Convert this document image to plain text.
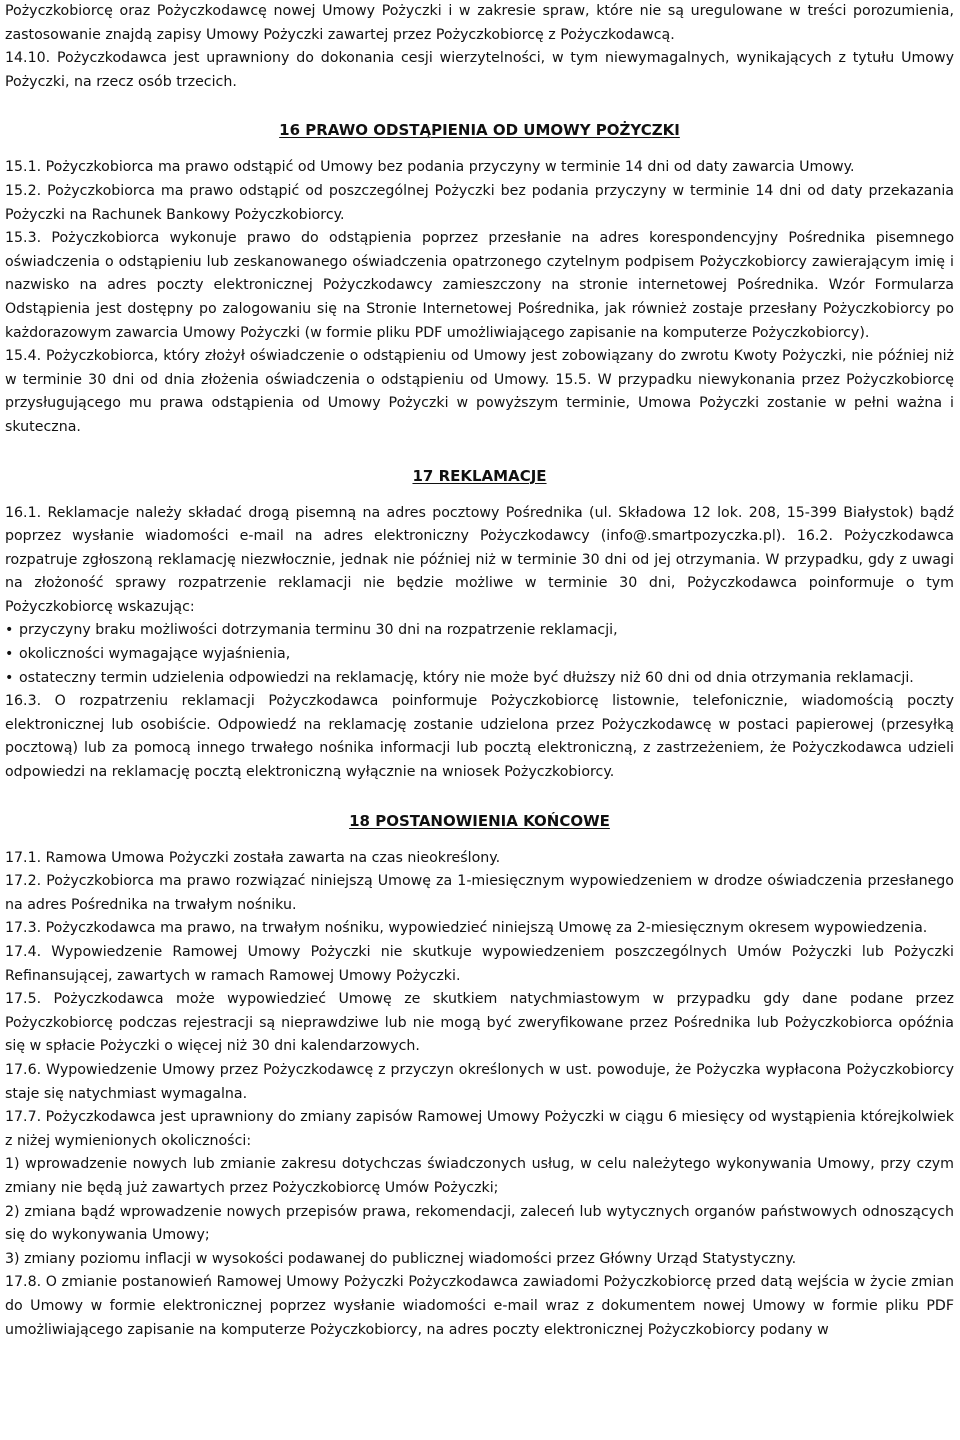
Pożyczkobiorcę oraz Pożyczkodawcę nowej Umowy Pożyczki i w zakresie spraw, które nie są uregulowane w treści porozumienia, zastosowanie znajdą zapisy Umowy Pożyczki zawartej przez Pożyczkobiorcę z Pożyczkodawcą.

14.10. Pożyczkodawca jest uprawniony do dokonania cesji wierzytelności, w tym niewymagalnych, wynikających z tytułu Umowy Pożyczki, na rzecz osób trzecich.

16 PRAWO ODSTĄPIENIA OD UMOWY POŻYCZKI

15.1. Pożyczkobiorca ma prawo odstąpić od Umowy bez podania przyczyny w terminie 14 dni od daty zawarcia Umowy.

15.2. Pożyczkobiorca ma prawo odstąpić od poszczególnej Pożyczki bez podania przyczyny w terminie 14 dni od daty przekazania Pożyczki na Rachunek Bankowy Pożyczkobiorcy.

15.3. Pożyczkobiorca wykonuje prawo do odstąpienia poprzez przesłanie na adres korespondencyjny Pośrednika pisemnego oświadczenia o odstąpieniu lub zeskanowanego oświadczenia opatrzonego czytelnym podpisem Pożyczkobiorcy zawierającym imię i nazwisko na adres poczty elektronicznej Pożyczkodawcy zamieszczony na stronie internetowej Pośrednika. Wzór Formularza Odstąpienia jest dostępny po zalogowaniu się na Stronie Internetowej Pośrednika, jak również zostaje przesłany Pożyczkobiorcy po każdorazowym zawarcia Umowy Pożyczki (w formie pliku PDF umożliwiającego zapisanie na komputerze Pożyczkobiorcy).

15.4. Pożyczkobiorca, który złożył oświadczenie o odstąpieniu od Umowy jest zobowiązany do zwrotu Kwoty Pożyczki, nie później niż w terminie 30 dni od dnia złożenia oświadczenia o odstąpieniu od Umowy. 15.5. W przypadku niewykonania przez Pożyczkobiorcę przysługującego mu prawa odstąpienia od Umowy Pożyczki w powyższym terminie, Umowa Pożyczki zostanie w pełni ważna i skuteczna.

17 REKLAMACJE

16.1. Reklamacje należy składać drogą pisemną na adres pocztowy Pośrednika (ul. Składowa 12 lok. 208, 15-399 Białystok) bądź poprzez wysłanie wiadomości e-mail na adres elektroniczny Pożyczkodawcy (info@.smartpozyczka.pl). 16.2. Pożyczkodawca rozpatruje zgłoszoną reklamację niezwłocznie, jednak nie później niż w terminie 30 dni od jej otrzymania. W przypadku, gdy z uwagi na złożoność sprawy rozpatrzenie reklamacji nie będzie możliwe w terminie 30 dni, Pożyczkodawca poinformuje o tym Pożyczkobiorcę wskazując:

• przyczyny braku możliwości dotrzymania terminu 30 dni na rozpatrzenie reklamacji,

• okoliczności wymagające wyjaśnienia,

• ostateczny termin udzielenia odpowiedzi na reklamację, który nie może być dłuższy niż 60 dni od dnia otrzymania reklamacji.

16.3. O rozpatrzeniu reklamacji Pożyczkodawca poinformuje Pożyczkobiorcę listownie, telefonicznie, wiadomością poczty elektronicznej lub osobiście. Odpowiedź na reklamację zostanie udzielona przez Pożyczkodawcę w postaci papierowej (przesyłką pocztową) lub za pomocą innego trwałego nośnika informacji lub pocztą elektroniczną, z zastrzeżeniem, że Pożyczkodawca udzieli odpowiedzi na reklamację pocztą elektroniczną wyłącznie na wniosek Pożyczkobiorcy.

18 POSTANOWIENIA KOŃCOWE

17.1. Ramowa Umowa Pożyczki została zawarta na czas nieokreślony.

17.2. Pożyczkobiorca ma prawo rozwiązać niniejszą Umowę za 1-miesięcznym wypowiedzeniem w drodze oświadczenia przesłanego na adres Pośrednika na trwałym nośniku.

17.3. Pożyczkodawca ma prawo, na trwałym nośniku, wypowiedzieć niniejszą Umowę za 2-miesięcznym okresem wypowiedzenia.

17.4. Wypowiedzenie Ramowej Umowy Pożyczki nie skutkuje wypowiedzeniem poszczególnych Umów Pożyczki lub Pożyczki Refinansującej, zawartych w ramach Ramowej Umowy Pożyczki.

17.5. Pożyczkodawca może wypowiedzieć Umowę ze skutkiem natychmiastowym w przypadku gdy dane podane przez Pożyczkobiorcę podczas rejestracji są nieprawdziwe lub nie mogą być zweryfikowane przez Pośrednika lub Pożyczkobiorca opóźnia się w spłacie Pożyczki o więcej niż 30 dni kalendarzowych.

17.6. Wypowiedzenie Umowy przez Pożyczkodawcę z przyczyn określonych w ust. powoduje, że Pożyczka wypłacona Pożyczkobiorcy staje się natychmiast wymagalna.

17.7. Pożyczkodawca jest uprawniony do zmiany zapisów Ramowej Umowy Pożyczki w ciągu 6 miesięcy od wystąpienia którejkolwiek z niżej wymienionych okoliczności:

1) wprowadzenie nowych lub zmianie zakresu dotychczas świadczonych usług, w celu należytego wykonywania Umowy, przy czym zmiany nie będą już zawartych przez Pożyczkobiorcę Umów Pożyczki;

2) zmiana bądź wprowadzenie nowych przepisów prawa, rekomendacji, zaleceń lub wytycznych organów państwowych odnoszących się do wykonywania Umowy;

3) zmiany poziomu inflacji w wysokości podawanej do publicznej wiadomości przez Główny Urząd Statystyczny.

17.8. O zmianie postanowień Ramowej Umowy Pożyczki Pożyczkodawca zawiadomi Pożyczkobiorcę przed datą wejścia w życie zmian do Umowy w formie elektronicznej poprzez wysłanie wiadomości e-mail wraz z dokumentem nowej Umowy w formie pliku PDF umożliwiającego zapisanie na komputerze Pożyczkobiorcy, na adres poczty elektronicznej Pożyczkobiorcy podany w
